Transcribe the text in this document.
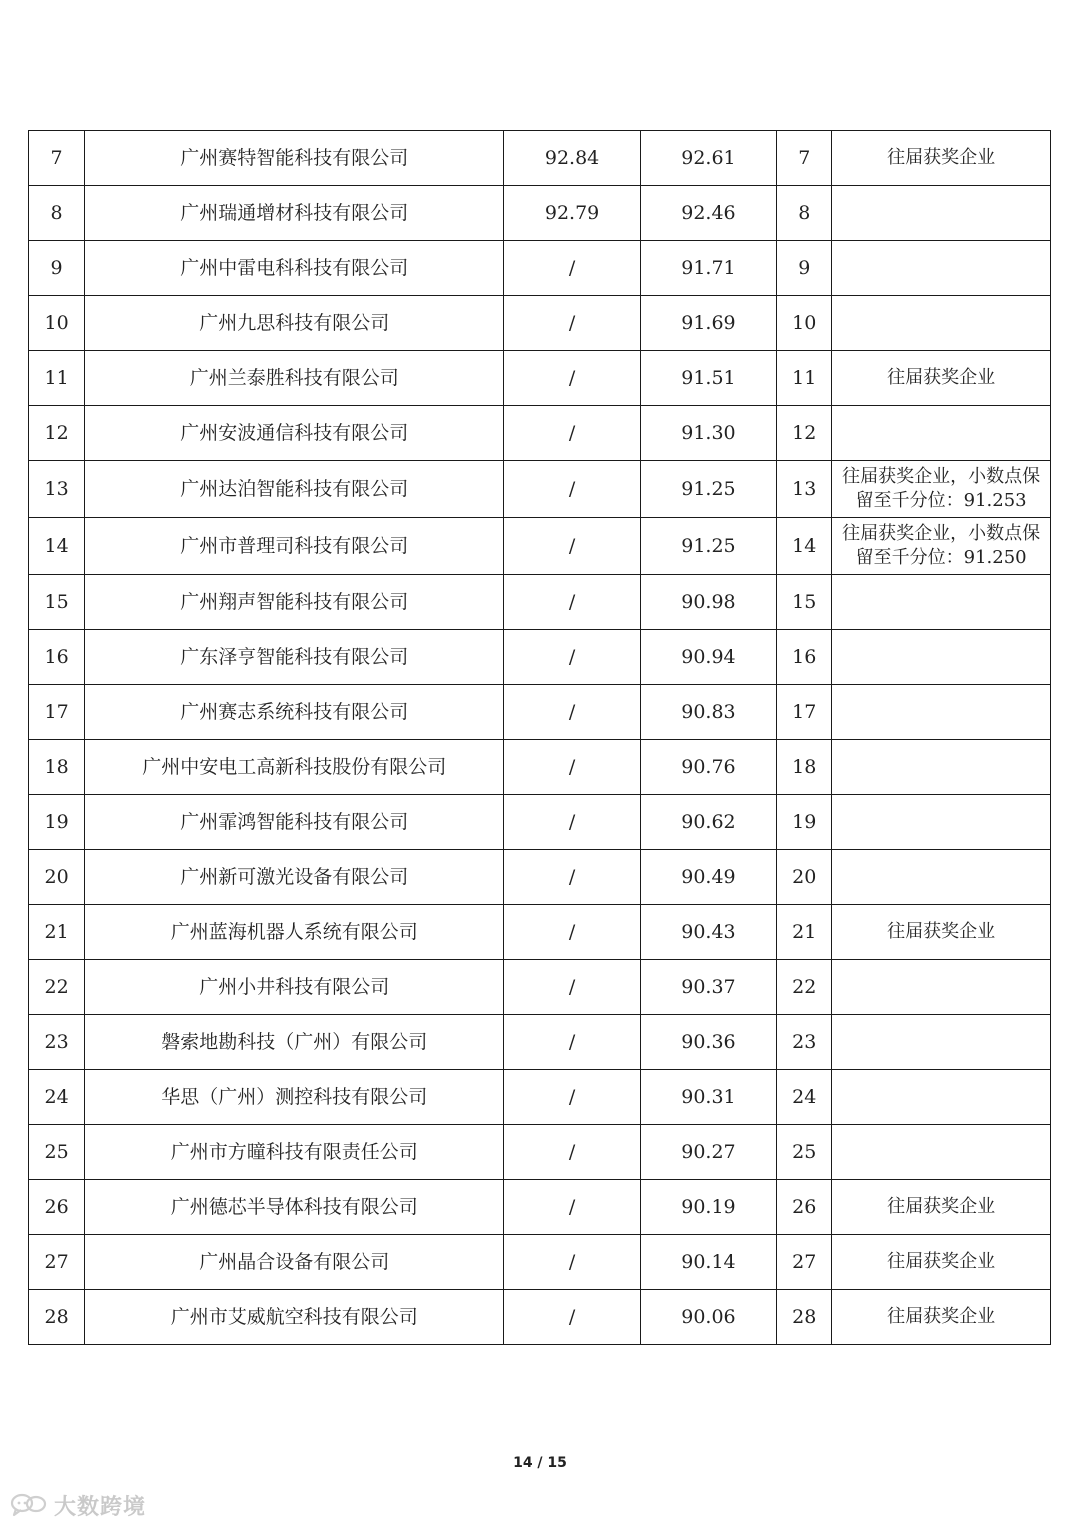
7	广州赛特智能科技有限公司	92.84	92.61	7	往届获奖企业
8	广州瑞通增材科技有限公司	92.79	92.46	8	
9	广州中雷电科科技有限公司	/	91.71	9	
10	广州九思科技有限公司	/	91.69	10	
11	广州兰泰胜科技有限公司	/	91.51	11	往届获奖企业
12	广州安波通信科技有限公司	/	91.30	12	
13	广州达泊智能科技有限公司	/	91.25	13	往届获奖企业，小数点保留至千分位：91.253
14	广州市普理司科技有限公司	/	91.25	14	往届获奖企业，小数点保留至千分位：91.250
15	广州翔声智能科技有限公司	/	90.98	15	
16	广东泽亨智能科技有限公司	/	90.94	16	
17	广州赛志系统科技有限公司	/	90.83	17	
18	广州中安电工高新科技股份有限公司	/	90.76	18	
19	广州霏鸿智能科技有限公司	/	90.62	19	
20	广州新可激光设备有限公司	/	90.49	20	
21	广州蓝海机器人系统有限公司	/	90.43	21	往届获奖企业
22	广州小井科技有限公司	/	90.37	22	
23	磐索地勘科技（广州）有限公司	/	90.36	23	
24	华思（广州）测控科技有限公司	/	90.31	24	
25	广州市方曈科技有限责任公司	/	90.27	25	
26	广州德芯半导体科技有限公司	/	90.19	26	往届获奖企业
27	广州晶合设备有限公司	/	90.14	27	往届获奖企业
28	广州市艾威航空科技有限公司	/	90.06	28	往届获奖企业
14 / 15
大数跨境
